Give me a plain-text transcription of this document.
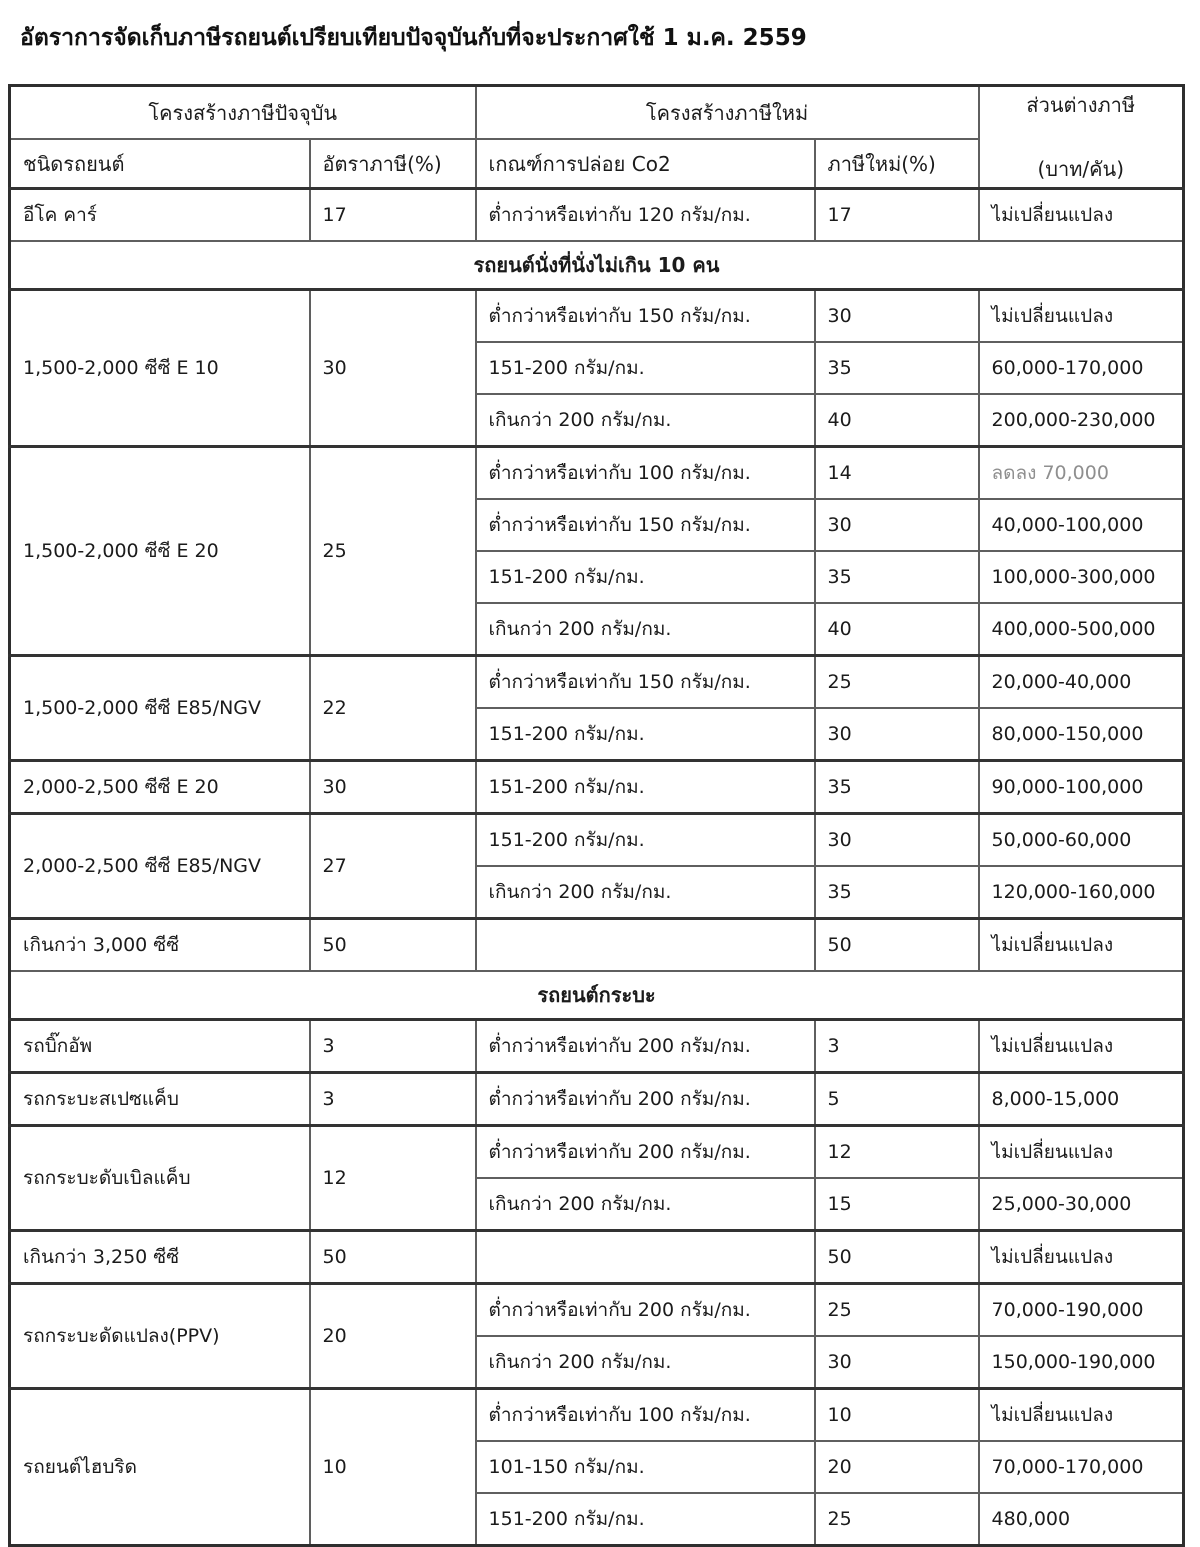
อัตราการจัดเก็บภาษีรถยนต์เปรียบเทียบปัจจุบันกับที่จะประกาศใช้ 1 ม.ค. 2559
โครงสร้างภาษีปัจจุบัน		โครงสร้างภาษีใหม่		ส่วนต่างภาษี
(บาท/คัน)

ชนิดรถยนต์	อัตราภาษี(%)	เกณฑ์การปล่อย Co2	ภาษีใหม่(%)	
อีโค คาร์	17	ต่ำกว่าหรือเท่ากับ 120 กรัม/กม.	17	ไม่เปลี่ยนแปลง
รถยนต์นั่งที่นั่งไม่เกิน 10 คน				
1,500-2,000 ซีซี E 10	30	ต่ำกว่าหรือเท่ากับ 150 กรัม/กม.	30	ไม่เปลี่ยนแปลง
		151-200 กรัม/กม.	35	60,000-170,000
		เกินกว่า 200 กรัม/กม.	40	200,000-230,000
1,500-2,000 ซีซี E 20	25	ต่ำกว่าหรือเท่ากับ 100 กรัม/กม.	14	ลดลง 70,000
		ต่ำกว่าหรือเท่ากับ 150 กรัม/กม.	30	40,000-100,000
		151-200 กรัม/กม.	35	100,000-300,000
		เกินกว่า 200 กรัม/กม.	40	400,000-500,000
1,500-2,000 ซีซี E85/NGV	22	ต่ำกว่าหรือเท่ากับ 150 กรัม/กม.	25	20,000-40,000
		151-200 กรัม/กม.	30	80,000-150,000
2,000-2,500 ซีซี E 20	30	151-200 กรัม/กม.	35	90,000-100,000
2,000-2,500 ซีซี E85/NGV	27	151-200 กรัม/กม.	30	50,000-60,000
		เกินกว่า 200 กรัม/กม.	35	120,000-160,000
เกินกว่า 3,000 ซีซี	50		50	ไม่เปลี่ยนแปลง
รถยนต์กระบะ				
รถบิ๊กอัพ	3	ต่ำกว่าหรือเท่ากับ 200 กรัม/กม.	3	ไม่เปลี่ยนแปลง
รถกระบะสเปซแค็บ	3	ต่ำกว่าหรือเท่ากับ 200 กรัม/กม.	5	8,000-15,000
รถกระบะดับเบิลแค็บ	12	ต่ำกว่าหรือเท่ากับ 200 กรัม/กม.	12	ไม่เปลี่ยนแปลง
		เกินกว่า 200 กรัม/กม.	15	25,000-30,000
เกินกว่า 3,250 ซีซี	50		50	ไม่เปลี่ยนแปลง
รถกระบะดัดแปลง(PPV)	20	ต่ำกว่าหรือเท่ากับ 200 กรัม/กม.	25	70,000-190,000
		เกินกว่า 200 กรัม/กม.	30	150,000-190,000
รถยนต์ไฮบริด	10	ต่ำกว่าหรือเท่ากับ 100 กรัม/กม.	10	ไม่เปลี่ยนแปลง
		101-150 กรัม/กม.	20	70,000-170,000
		151-200 กรัม/กม.	25	480,000
